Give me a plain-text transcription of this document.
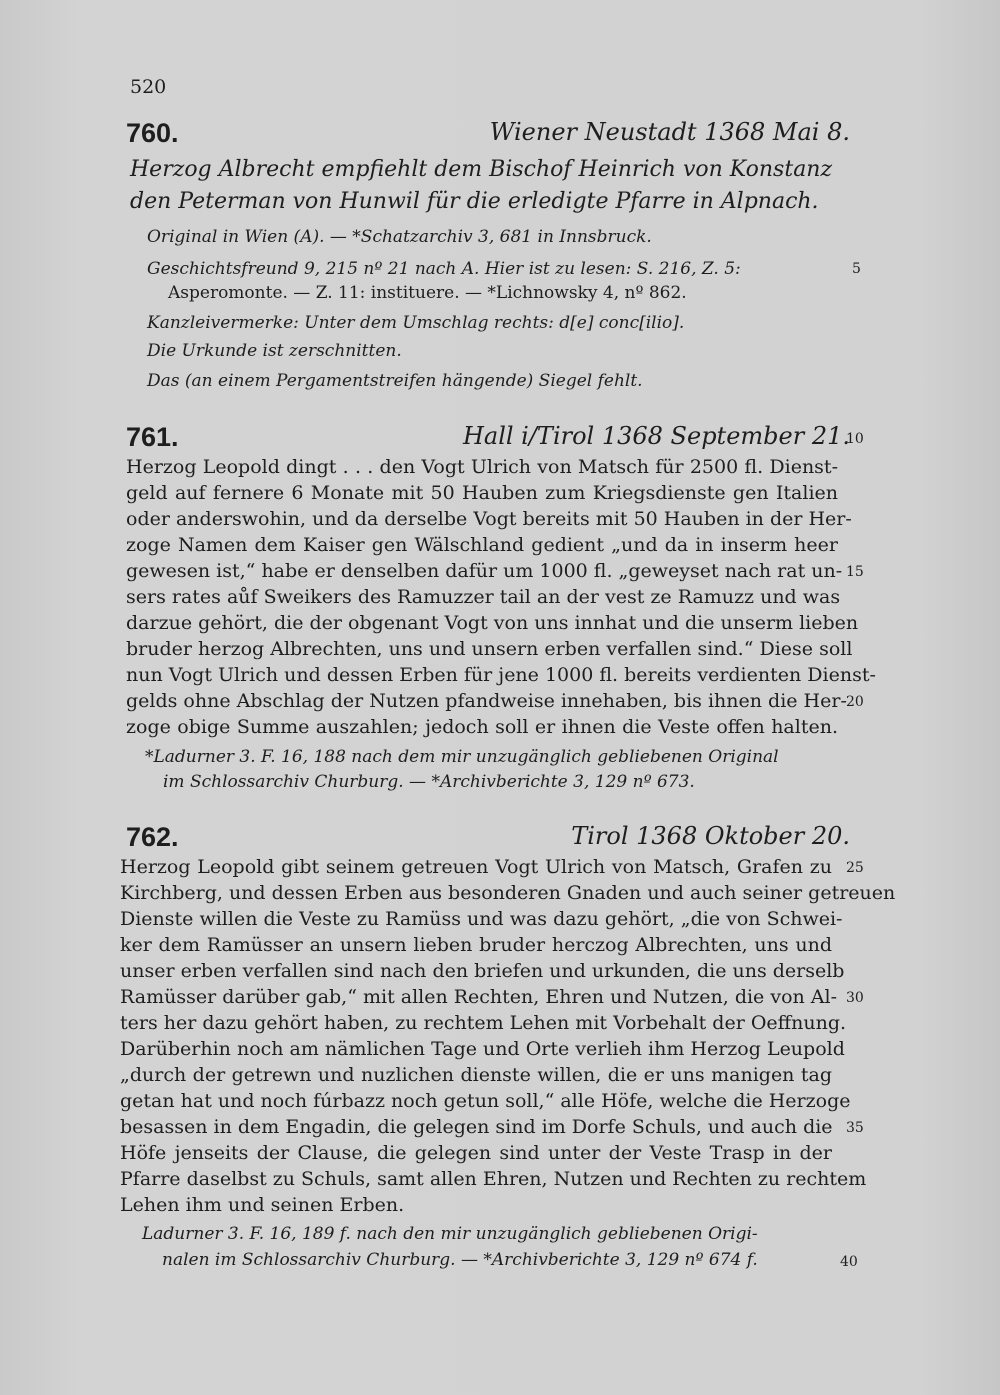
520
760.	Wiener Neustadt 1368 Mai 8.
Herzog Albrecht empfiehlt dem Bischof Heinrich von Konstanz
den Peterman von Hunwil für die erledigte Pfarre in Alpnach.
Original in Wien (A). — *Schatzarchiv 3, 681 in Innsbruck.
Geschichtsfreund 9, 215 nº 21 nach A. Hier ist zu lesen: S. 216, Z. 5:
Asperomonte. — Z. 11: instituere. — *Lichnowsky 4, nº 862.
Kanzleivermerke: Unter dem Umschlag rechts: d[e] conc[ilio].
Die Urkunde ist zerschnitten.
Das (an einem Pergamentstreifen hängende) Siegel fehlt.
761.	Hall i/Tirol 1368 September 21.
Herzog Leopold dingt . . . den Vogt Ulrich von Matsch für 2500 fl. Dienst-
geld auf fernere 6 Monate mit 50 Hauben zum Kriegsdienste gen Italien
oder anderswohin, und da derselbe Vogt bereits mit 50 Hauben in der Her-
zoge Namen dem Kaiser gen Wälschland gedient „und da in inserm heer
gewesen ist,“ habe er denselben dafür um 1000 fl. „geweyset nach rat un-
sers rates aůf Sweikers des Ramuzzer tail an der vest ze Ramuzz und was
darzue gehört, die der obgenant Vogt von uns innhat und die unserm lieben
bruder herzog Albrechten, uns und unsern erben verfallen sind.“ Diese soll
nun Vogt Ulrich und dessen Erben für jene 1000 fl. bereits verdienten Dienst-
gelds ohne Abschlag der Nutzen pfandweise innehaben, bis ihnen die Her-
zoge obige Summe auszahlen; jedoch soll er ihnen die Veste offen halten.
*Ladurner 3. F. 16, 188 nach dem mir unzugänglich gebliebenen Original
im Schlossarchiv Churburg. — *Archivberichte 3, 129 nº 673.
762.	Tirol 1368 Oktober 20.
Herzog Leopold gibt seinem getreuen Vogt Ulrich von Matsch, Grafen zu
Kirchberg, und dessen Erben aus besonderen Gnaden und auch seiner getreuen
Dienste willen die Veste zu Ramüss und was dazu gehört, „die von Schwei-
ker dem Ramüsser an unsern lieben bruder herczog Albrechten, uns und
unser erben verfallen sind nach den briefen und urkunden, die uns derselb
Ramüsser darüber gab,“ mit allen Rechten, Ehren und Nutzen, die von Al-
ters her dazu gehört haben, zu rechtem Lehen mit Vorbehalt der Oeffnung.
Darüberhin noch am nämlichen Tage und Orte verlieh ihm Herzog Leupold
„durch der getrewn und nuzlichen dienste willen, die er uns manigen tag
getan hat und noch fúrbazz noch getun soll,“ alle Höfe, welche die Herzoge
besassen in dem Engadin, die gelegen sind im Dorfe Schuls, und auch die
Höfe jenseits der Clause, die gelegen sind unter der Veste Trasp in der
Pfarre daselbst zu Schuls, samt allen Ehren, Nutzen und Rechten zu rechtem
Lehen ihm und seinen Erben.
Ladurner 3. F. 16, 189 f. nach den mir unzugänglich gebliebenen Origi-
nalen im Schlossarchiv Churburg. — *Archivberichte 3, 129 nº 674 f.
5
10
15
20
25
30
35
40
